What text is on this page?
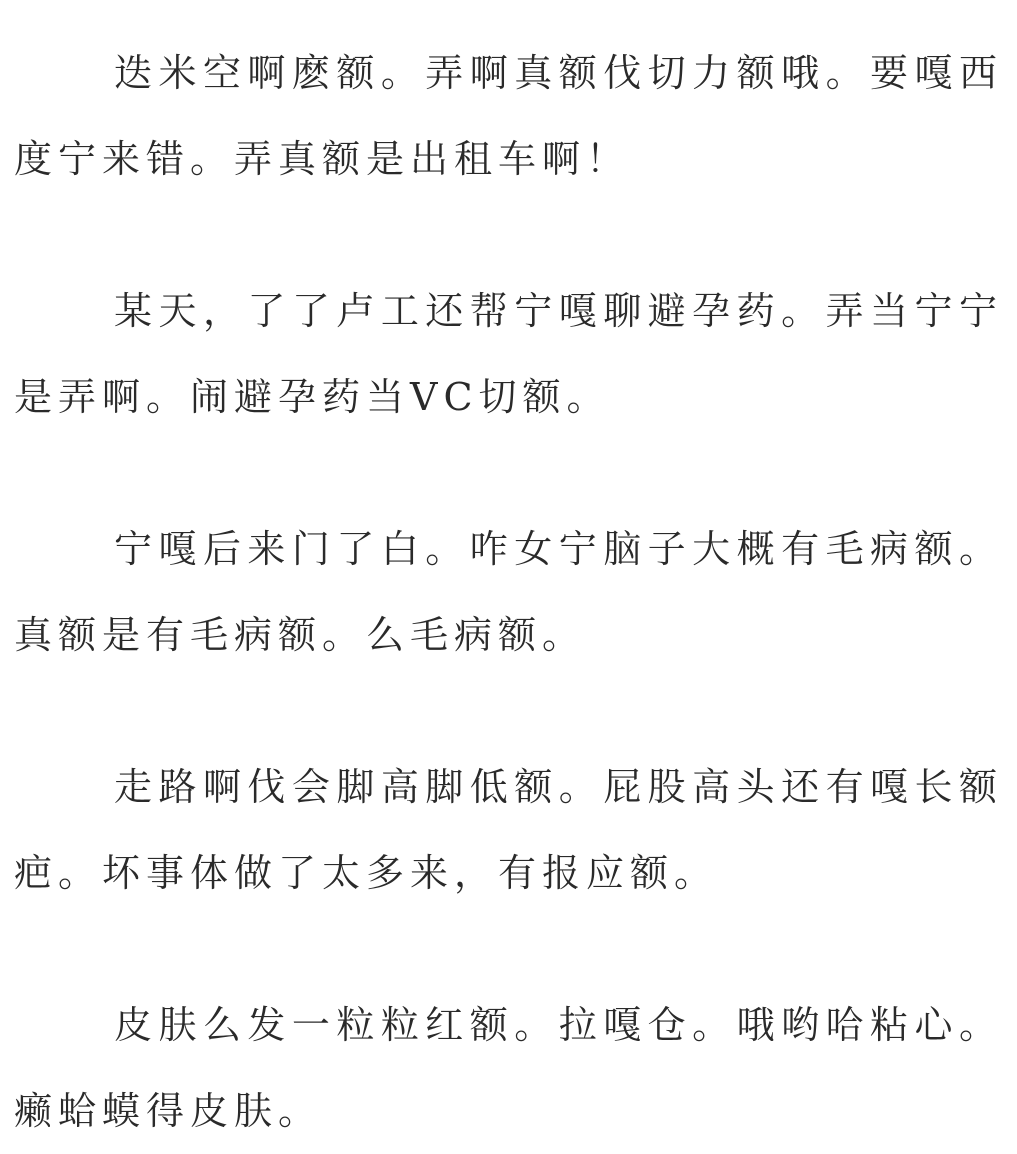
迭米空啊麽额。弄啊真额伐切力额哦。要嘎西度宁来错。弄真额是出租车啊！

某天，了了卢工还帮宁嘎聊避孕药。弄当宁宁是弄啊。闹避孕药当VC切额。

宁嘎后来门了白。咋女宁脑子大概有毛病额。真额是有毛病额。么毛病额。

走路啊伐会脚高脚低额。屁股高头还有嘎长额疤。坏事体做了太多来，有报应额。

皮肤么发一粒粒红额。拉嘎仓。哦哟哈粘心。癞蛤蟆得皮肤。
